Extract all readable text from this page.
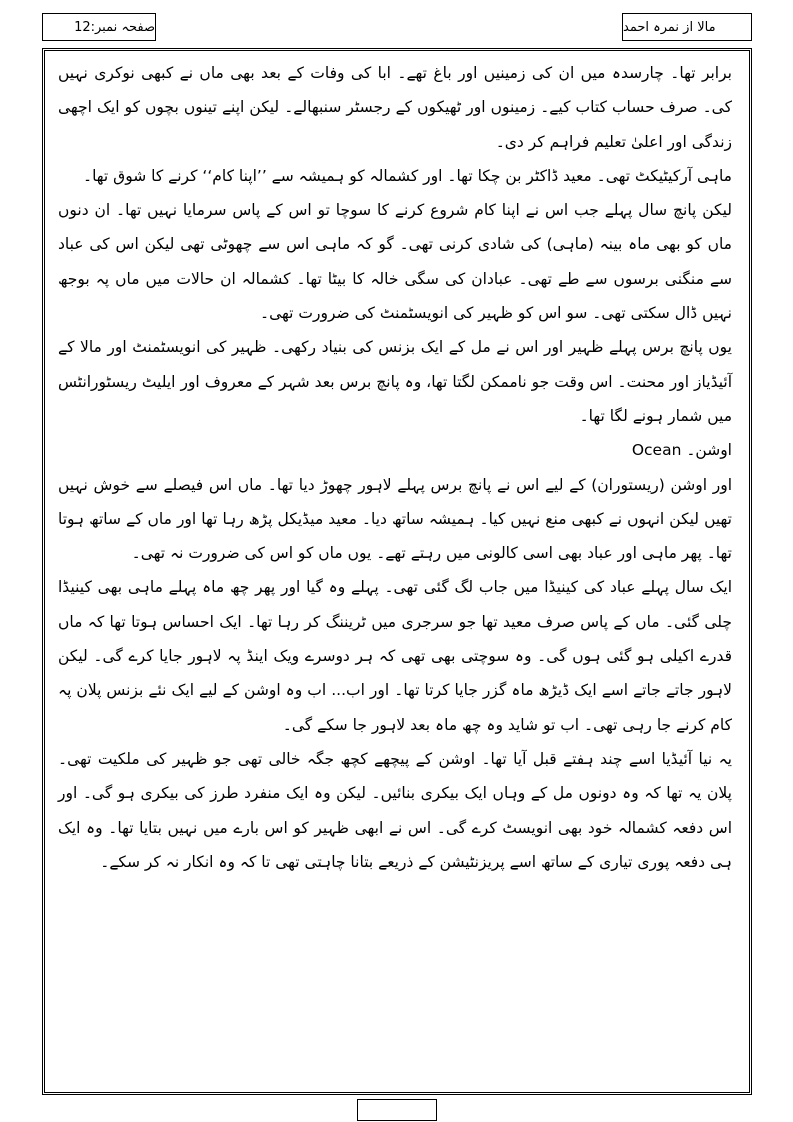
صفحہ نمبر:12	مالا از نمرہ احمد

برابر تھا۔ چارسدہ میں ان کی زمینیں اور باغ تھے۔ ابا کی وفات کے بعد بھی ماں نے کبھی نوکری نہیں کی۔ صرف حساب کتاب کیے۔ زمینوں اور ٹھیکوں کے رجسٹر سنبھالے۔ لیکن اپنے تینوں بچوں کو ایک اچھی زندگی اور اعلیٰ تعلیم فراہم کر دی۔

ماہی آرکیٹیکٹ تھی۔ معید ڈاکٹر بن چکا تھا۔ اور کشمالہ کو ہمیشہ سے ’’اپنا کام‘‘ کرنے کا شوق تھا۔

لیکن پانچ سال پہلے جب اس نے اپنا کام شروع کرنے کا سوچا تو اس کے پاس سرمایا نہیں تھا۔ ان دنوں ماں کو بھی ماہ بینہ (ماہی) کی شادی کرنی تھی۔ گو کہ ماہی اس سے چھوٹی تھی لیکن اس کی عباد سے منگنی برسوں سے طے تھی۔ عبادان کی سگی خالہ کا بیٹا تھا۔ کشمالہ ان حالات میں ماں پہ بوجھ نہیں ڈال سکتی تھی۔ سو اس کو ظہیر کی انویسٹمنٹ کی ضرورت تھی۔

یوں پانچ برس پہلے ظہیر اور اس نے مل کے ایک بزنس کی بنیاد رکھی۔ ظہیر کی انویسٹمنٹ اور مالا کے آئیڈیاز اور محنت۔ اس وقت جو ناممکن لگتا تھا، وہ پانچ برس بعد شہر کے معروف اور ایلیٹ ریسٹورانٹس میں شمار ہونے لگا تھا۔

اوشن۔ Ocean

اور اوشن (ریستوران) کے لیے اس نے پانچ برس پہلے لاہور چھوڑ دیا تھا۔ ماں اس فیصلے سے خوش نہیں تھیں لیکن انہوں نے کبھی منع نہیں کیا۔ ہمیشہ ساتھ دیا۔ معید میڈیکل پڑھ رہا تھا اور ماں کے ساتھ ہوتا تھا۔ پھر ماہی اور عباد بھی اسی کالونی میں رہتے تھے۔ یوں ماں کو اس کی ضرورت نہ تھی۔

ایک سال پہلے عباد کی کینیڈا میں جاب لگ گئی تھی۔ پہلے وہ گیا اور پھر چھ ماہ پہلے ماہی بھی کینیڈا چلی گئی۔ ماں کے پاس صرف معید تھا جو سرجری میں ٹریننگ کر رہا تھا۔ ایک احساس ہوتا تھا کہ ماں قدرے اکیلی ہو گئی ہوں گی۔ وہ سوچتی بھی تھی کہ ہر دوسرے ویک اینڈ پہ لاہور جایا کرے گی۔ لیکن لاہور جاتے جاتے اسے ایک ڈیڑھ ماہ گزر جایا کرتا تھا۔ اور اب... اب وہ اوشن کے لیے ایک نئے بزنس پلان پہ کام کرنے جا رہی تھی۔ اب تو شاید وہ چھ ماہ بعد لاہور جا سکے گی۔

یہ نیا آئیڈیا اسے چند ہفتے قبل آیا تھا۔ اوشن کے پیچھے کچھ جگہ خالی تھی جو ظہیر کی ملکیت تھی۔ پلان یہ تھا کہ وہ دونوں مل کے وہاں ایک بیکری بنائیں۔ لیکن وہ ایک منفرد طرز کی بیکری ہو گی۔ اور اس دفعہ کشمالہ خود بھی انویسٹ کرے گی۔ اس نے ابھی ظہیر کو اس بارے میں نہیں بتایا تھا۔ وہ ایک ہی دفعہ پوری تیاری کے ساتھ اسے پریزنٹیشن کے ذریعے بتانا چاہتی تھی تا کہ وہ انکار نہ کر سکے۔
